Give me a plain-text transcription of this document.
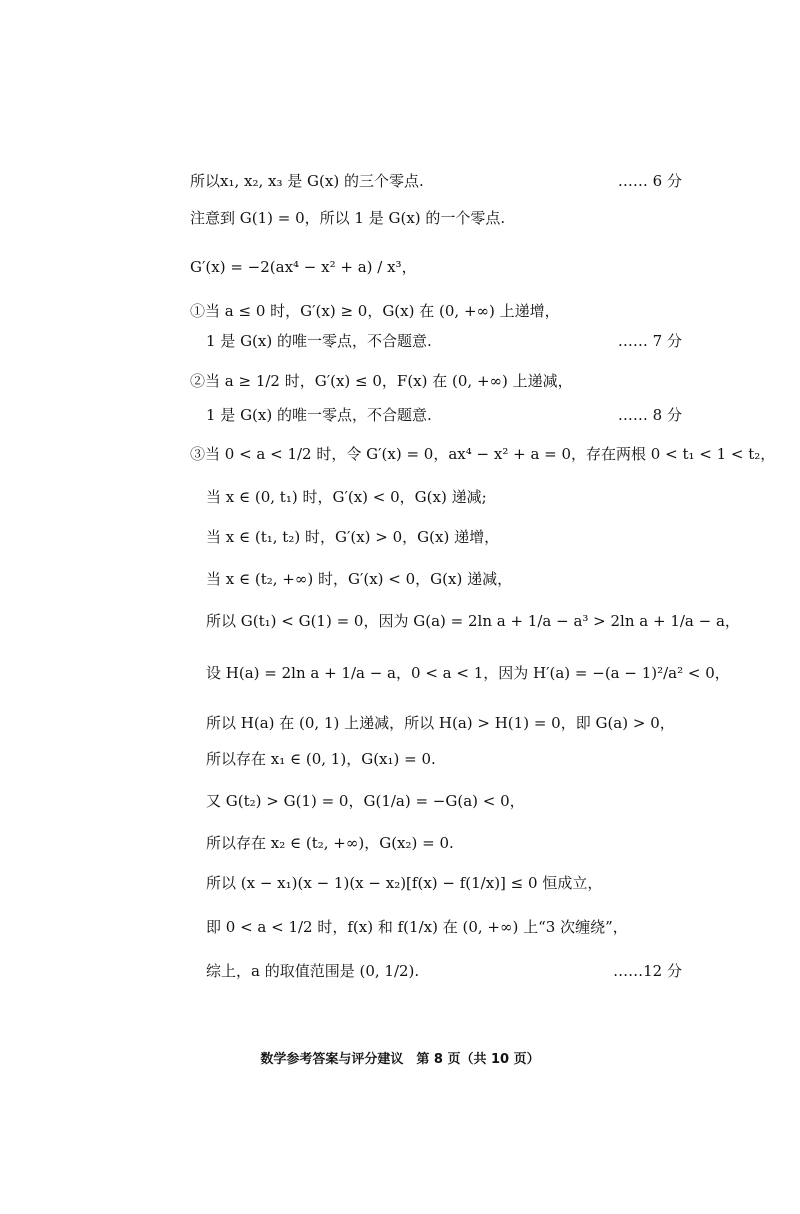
所以x₁, x₂, x₃ 是 G(x) 的三个零点.	…… 6 分
注意到 G(1) = 0，所以 1 是 G(x) 的一个零点.
G′(x) = −2(ax⁴ − x² + a) / x³，
①当 a ≤ 0 时，G′(x) ≥ 0，G(x) 在 (0, +∞) 上递增，
1 是 G(x) 的唯一零点，不合题意.	…… 7 分
②当 a ≥ 1/2 时，G′(x) ≤ 0，F(x) 在 (0, +∞) 上递减，
1 是 G(x) 的唯一零点，不合题意.	…… 8 分
③当 0 < a < 1/2 时，令 G′(x) = 0，ax⁴ − x² + a = 0，存在两根 0 < t₁ < 1 < t₂，
当 x ∈ (0, t₁) 时，G′(x) < 0，G(x) 递减;
当 x ∈ (t₁, t₂) 时，G′(x) > 0，G(x) 递增，
当 x ∈ (t₂, +∞) 时，G′(x) < 0，G(x) 递减，
所以 G(t₁) < G(1) = 0，因为 G(a) = 2ln a + 1/a − a³ > 2ln a + 1/a − a，
设 H(a) = 2ln a + 1/a − a，0 < a < 1，因为 H′(a) = −(a − 1)²/a² < 0，
所以 H(a) 在 (0, 1) 上递减，所以 H(a) > H(1) = 0，即 G(a) > 0，
所以存在 x₁ ∈ (0, 1)，G(x₁) = 0.
又 G(t₂) > G(1) = 0，G(1/a) = −G(a) < 0，
所以存在 x₂ ∈ (t₂, +∞)，G(x₂) = 0.
所以 (x − x₁)(x − 1)(x − x₂)[f(x) − f(1/x)] ≤ 0 恒成立，
即 0 < a < 1/2 时，f(x) 和 f(1/x) 在 (0, +∞) 上“3 次缠绕”，
综上，a 的取值范围是 (0, 1/2).	……12 分
数学参考答案与评分建议　第 8 页（共 10 页）
